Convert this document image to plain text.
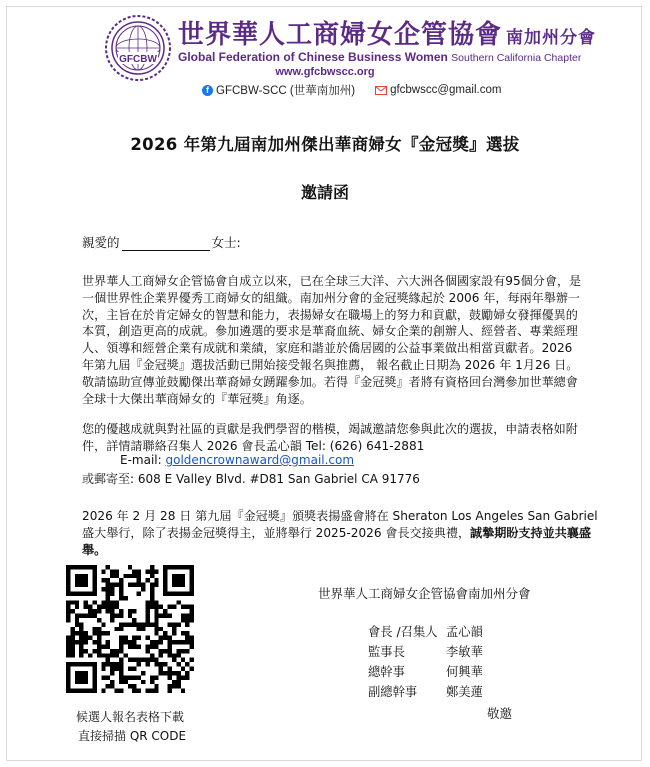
GFCBW
世界華人工商婦女企管協會 南加州分會
Global Federation of Chinese Business Women Southern California Chapter
www.gfcbwscc.org
f GFCBW-SCC (世華南加州)	gfcbwscc@gmail.com
2026 年第九屆南加州傑出華商婦女『金冠獎』選拔
邀請函
親愛的	女士:
世界華人工商婦女企管協會自成立以來，已在全球三大洋、六大洲各個國家設有95個分會，是一個世界性企業界優秀工商婦女的組織。南加州分會的金冠獎緣起於 2006 年，每兩年舉辦一次，主旨在於肯定婦女的智慧和能力，表揚婦女在職場上的努力和貢獻，鼓勵婦女發揮優異的本質，創造更高的成就。參加遴選的要求是華裔血統、婦女企業的創辦人、經營者、專業經理人、領導和經營企業有成就和業績，家庭和諧並於僑居國的公益事業做出相當貢獻者。2026 年第九屆『金冠獎』選拔活動已開始接受報名與推薦， 報名截止日期為 2026 年 1月26 日。敬請協助宣傳並鼓勵傑出華裔婦女踴躍參加。若得『金冠獎』者將有資格回台灣參加世華總會全球十大傑出華商婦女的『華冠獎』角逐。
您的優越成就與對社區的貢獻是我們學習的楷模，竭誠邀請您參與此次的選拔，申請表格如附件，詳情請聯絡召集人 2026 會長孟心韻 Tel: (626) 641-2881
E-mail: goldencrownaward@gmail.com
或郵寄至: 608 E Valley Blvd. #D81 San Gabriel CA 91776
2026 年 2 月 28 日 第九屆『金冠獎』頒獎表揚盛會將在 Sheraton Los Angeles San Gabriel 盛大舉行，除了表揚金冠獎得主，並將舉行 2025-2026 會長交接典禮，誠摯期盼支持並共襄盛舉。
候選人報名表格下載
直接掃描 QR CODE
世界華人工商婦女企管協會南加州分會
會長 /召集人 孟心韻
監事長	李敏華
總幹事	何興華
副總幹事	鄭美蓮
敬邀
